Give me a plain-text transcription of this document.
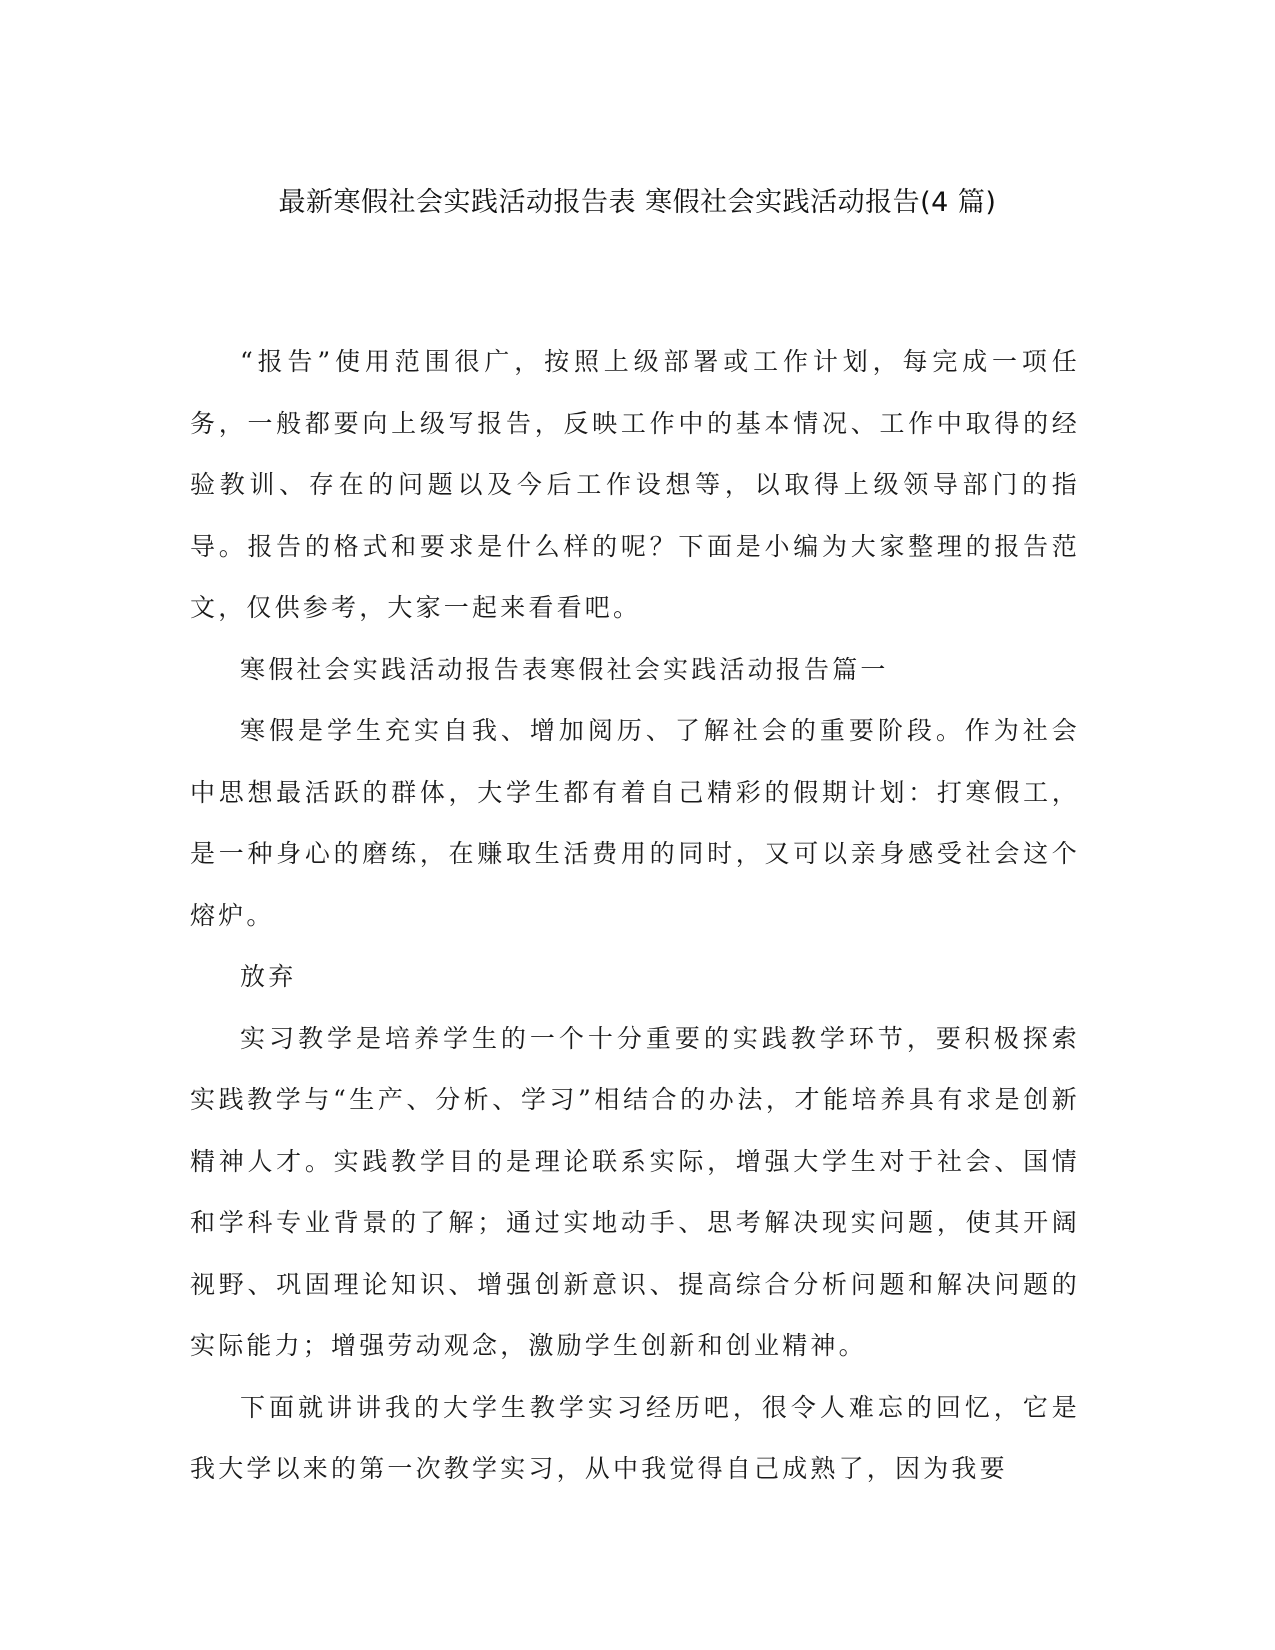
最新寒假社会实践活动报告表 寒假社会实践活动报告(4 篇)

“报告”使用范围很广，按照上级部署或工作计划，每完成一项任务，一般都要向上级写报告，反映工作中的基本情况、工作中取得的经验教训、存在的问题以及今后工作设想等，以取得上级领导部门的指导。报告的格式和要求是什么样的呢？下面是小编为大家整理的报告范文，仅供参考，大家一起来看看吧。

寒假社会实践活动报告表寒假社会实践活动报告篇一

寒假是学生充实自我、增加阅历、了解社会的重要阶段。作为社会中思想最活跃的群体，大学生都有着自己精彩的假期计划：打寒假工，是一种身心的磨练，在赚取生活费用的同时，又可以亲身感受社会这个熔炉。

放弃

实习教学是培养学生的一个十分重要的实践教学环节，要积极探索实践教学与“生产、分析、学习”相结合的办法，才能培养具有求是创新精神人才。实践教学目的是理论联系实际，增强大学生对于社会、国情和学科专业背景的了解；通过实地动手、思考解决现实问题，使其开阔视野、巩固理论知识、增强创新意识、提高综合分析问题和解决问题的实际能力；增强劳动观念，激励学生创新和创业精神。

下面就讲讲我的大学生教学实习经历吧，很令人难忘的回忆，它是我大学以来的第一次教学实习，从中我觉得自己成熟了，因为我要
